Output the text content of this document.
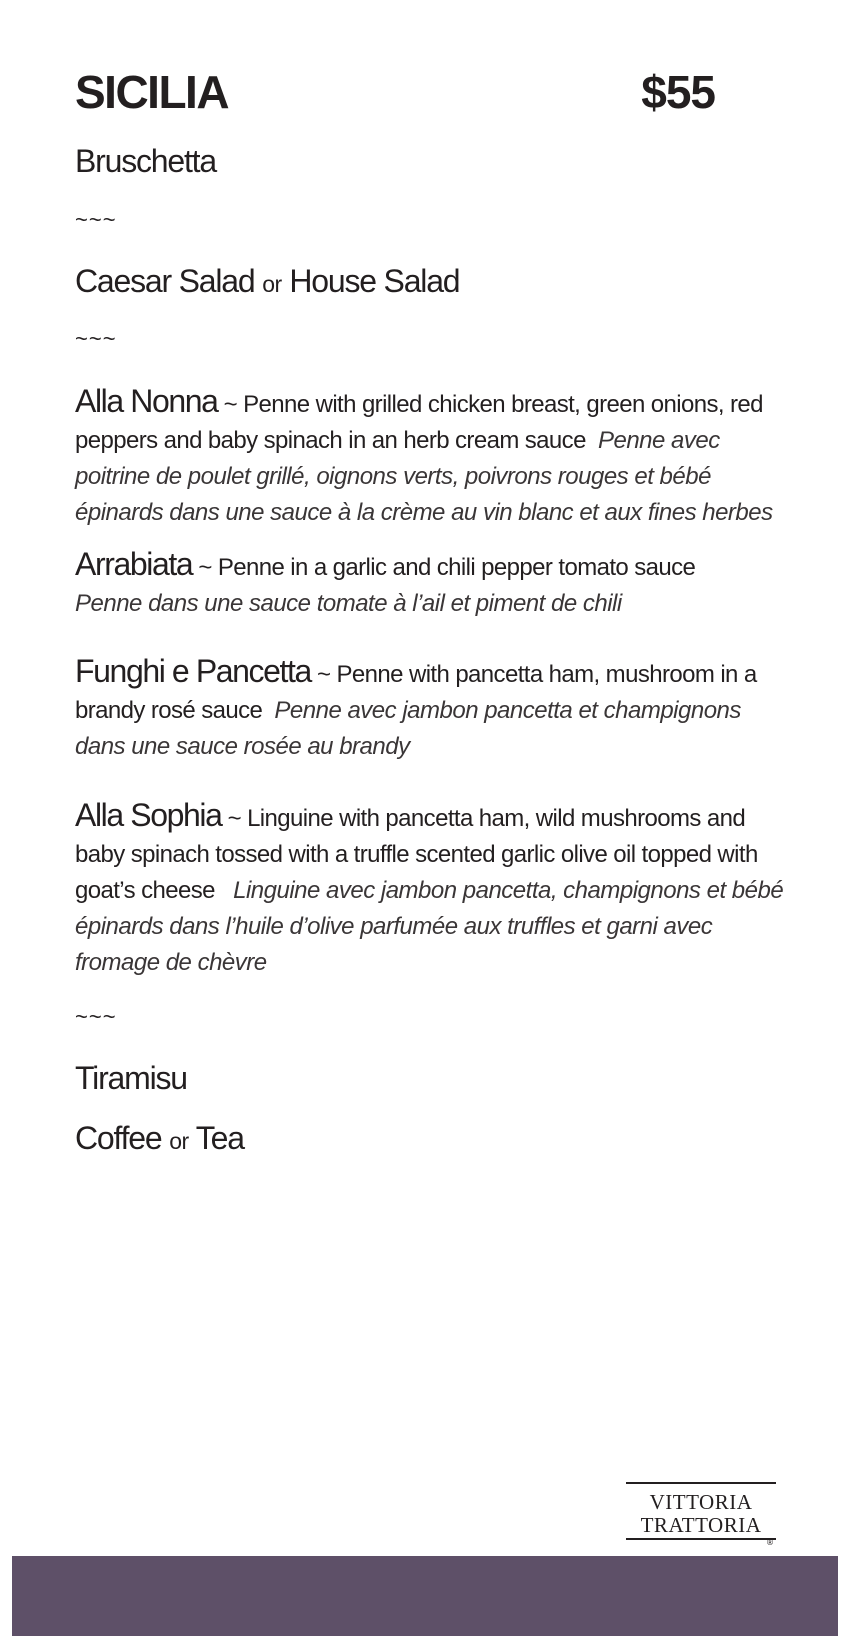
SICILIA	$55
Bruschetta
~~~
Caesar Salad or House Salad
~~~
Alla Nonna ~ Penne with grilled chicken breast, green onions, red peppers and baby spinach in an herb cream sauce Penne avec poitrine de poulet grillé, oignons verts, poivrons rouges et bébé épinards dans une sauce à la crème au vin blanc et aux fines herbes
Arrabiata ~ Penne in a garlic and chili pepper tomato sauce
Penne dans une sauce tomate à l’ail et piment de chili
Funghi e Pancetta ~ Penne with pancetta ham, mushroom in a brandy rosé sauce Penne avec jambon pancetta et champignons dans une sauce rosée au brandy
Alla Sophia ~ Linguine with pancetta ham, wild mushrooms and baby spinach tossed with a truffle scented garlic olive oil topped with goat’s cheese Linguine avec jambon pancetta, champignons et bébé épinards dans l’huile d’olive parfumée aux truffles et garni avec fromage de chèvre
~~~
Tiramisu
Coffee or Tea
VITTORIA
TRATTORIA
®
